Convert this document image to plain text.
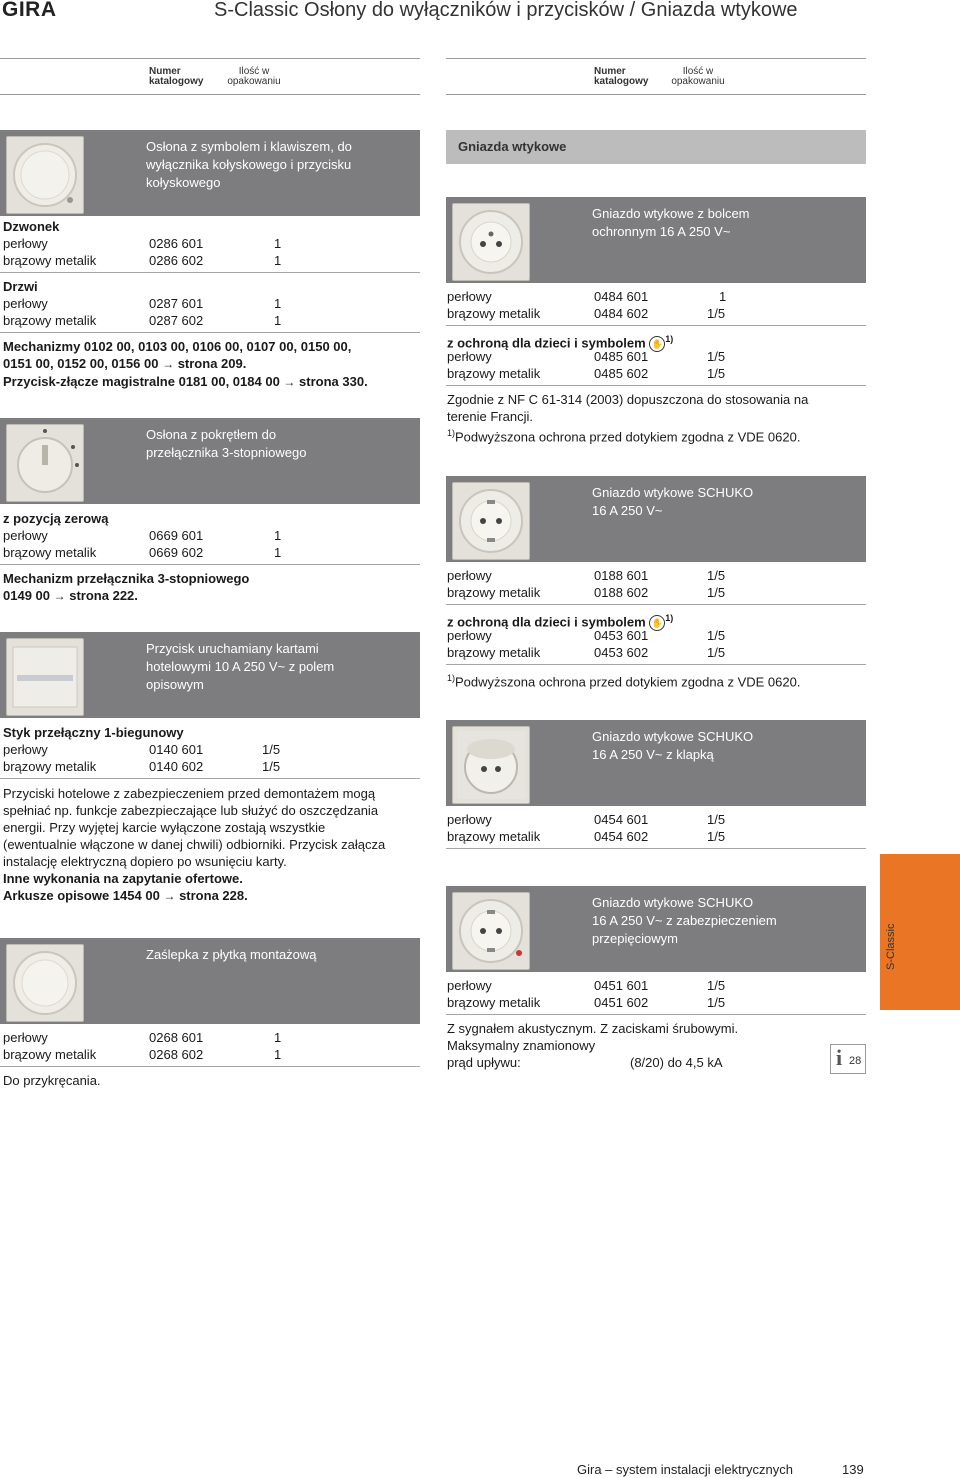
GIRA	S-Classic Osłony do wyłączników i przycisków / Gniazda wtykowe
Numer
katalogowy
Ilość w
opakowaniu
Numer
katalogowy
Ilość w
opakowaniu
Osłona z symbolem i klawiszem, do
wyłącznika kołyskowego i przycisku
kołyskowego
Dzwonek
perłowy	0286 601	1
brązowy metalik	0286 602	1
Drzwi
perłowy	0287 601	1
brązowy metalik	0287 602	1
Mechanizmy 0102 00, 0103 00, 0106 00, 0107 00, 0150 00,
0151 00, 0152 00, 0156 00 → strona 209.
Przycisk-złącze magistralne 0181 00, 0184 00 → strona 330.
Osłona z pokrętłem do
przełącznika 3-stopniowego
z pozycją zerową
perłowy	0669 601	1
brązowy metalik	0669 602	1
Mechanizm przełącznika 3-stopniowego
0149 00 → strona 222.
Przycisk uruchamiany kartami
hotelowymi 10 A 250 V~ z polem
opisowym
Styk przełączny 1-biegunowy
perłowy	0140 601	1/5
brązowy metalik	0140 602	1/5
Przyciski hotelowe z zabezpieczeniem przed demontażem mogą
spełniać np. funkcje zabezpieczające lub służyć do oszczędzania
energii. Przy wyjętej karcie wyłączone zostają wszystkie
(ewentualnie włączone w danej chwili) odbiorniki. Przycisk załącza
instalację elektryczną dopiero po wsunięciu karty.
Inne wykonania na zapytanie ofertowe.
Arkusze opisowe 1454 00 → strona 228.
Zaślepka z płytką montażową
perłowy	0268 601	1
brązowy metalik	0268 602	1
Do przykręcania.
Gniazda wtykowe
Gniazdo wtykowe z bolcem
ochronnym 16 A 250 V~
perłowy	0484 601	1
brązowy metalik	0484 602	1/5
z ochroną dla dzieci i symbolem ✋ $^{1)}$
perłowy	0485 601	1/5
brązowy metalik	0485 602	1/5
Zgodnie z NF C 61-314 (2003) dopuszczona do stosowania na
terenie Francji.
$^{1)}$Podwyższona ochrona przed dotykiem zgodna z VDE 0620.
Gniazdo wtykowe SCHUKO
16 A 250 V~
perłowy	0188 601	1/5
brązowy metalik	0188 602	1/5
z ochroną dla dzieci i symbolem ✋ $^{1)}$
perłowy	0453 601	1/5
brązowy metalik	0453 602	1/5
$^{1)}$Podwyższona ochrona przed dotykiem zgodna z VDE 0620.
Gniazdo wtykowe SCHUKO
16 A 250 V~ z klapką
perłowy	0454 601	1/5
brązowy metalik	0454 602	1/5
Gniazdo wtykowe SCHUKO
16 A 250 V~ z zabezpieczeniem
przepięciowym
perłowy	0451 601	1/5
brązowy metalik	0451 602	1/5
Z sygnałem akustycznym. Z zaciskami śrubowymi.
Maksymalny znamionowy
prąd upływu:	(8/20) do 4,5 kA	i 28
S-Classic
Gira – system instalacji elektrycznych	139
